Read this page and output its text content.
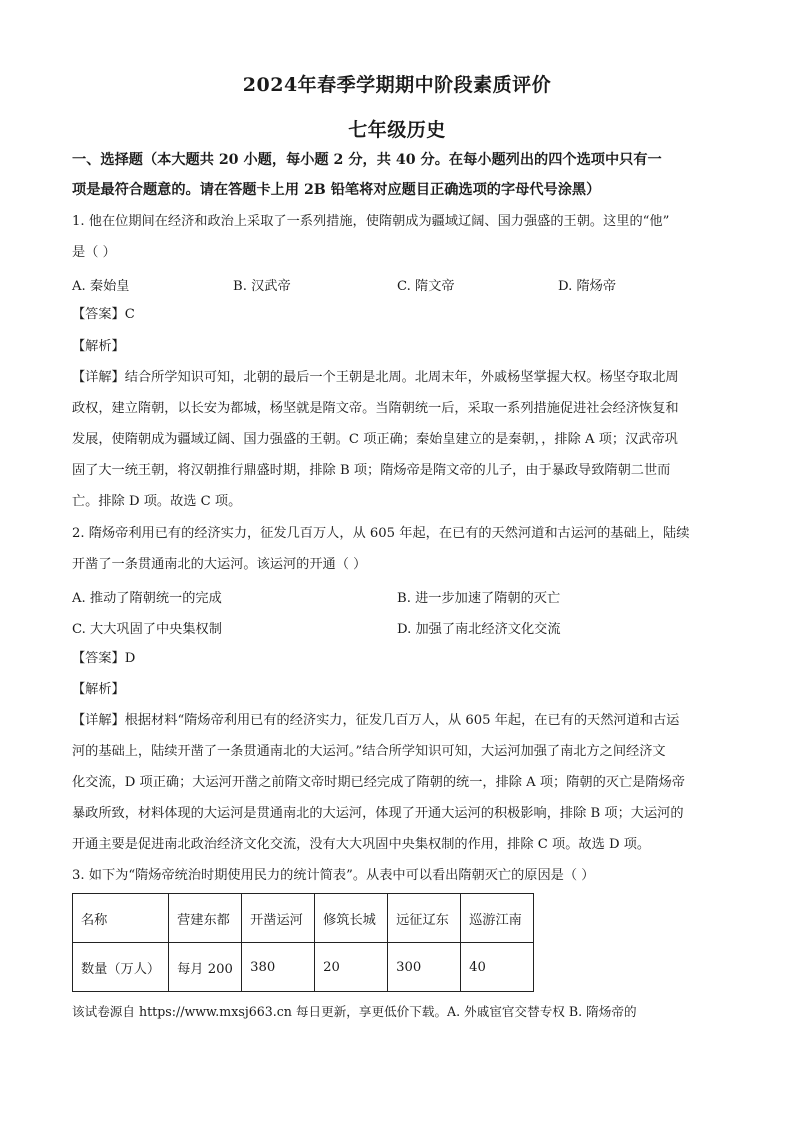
2024年春季学期期中阶段素质评价
七年级历史
一、选择题（本大题共 20 小题，每小题 2 分，共 40 分。在每小题列出的四个选项中只有一
项是最符合题意的。请在答题卡上用 2B 铅笔将对应题目正确选项的字母代号涂黑）
1. 他在位期间在经济和政治上采取了一系列措施，使隋朝成为疆域辽阔、国力强盛的王朝。这里的“他”
是（ ）
A. 秦始皇	B. 汉武帝	C. 隋文帝	D. 隋炀帝
【答案】C
【解析】
【详解】结合所学知识可知，北朝的最后一个王朝是北周。北周末年，外戚杨坚掌握大权。杨坚夺取北周
政权，建立隋朝，以长安为都城，杨坚就是隋文帝。当隋朝统一后，采取一系列措施促进社会经济恢复和
发展，使隋朝成为疆域辽阔、国力强盛的王朝。C 项正确；秦始皇建立的是秦朝，，排除 A 项；汉武帝巩
固了大一统王朝，将汉朝推行鼎盛时期，排除 B 项；隋炀帝是隋文帝的儿子，由于暴政导致隋朝二世而
亡。排除 D 项。故选 C 项。
2. 隋炀帝利用已有的经济实力，征发几百万人，从 605 年起，在已有的天然河道和古运河的基础上，陆续
开凿了一条贯通南北的大运河。该运河的开通（ ）
A. 推动了隋朝统一的完成	B. 进一步加速了隋朝的灭亡
C. 大大巩固了中央集权制	D. 加强了南北经济文化交流
【答案】D
【解析】
【详解】根据材料“隋炀帝利用已有的经济实力，征发几百万人，从 605 年起，在已有的天然河道和古运
河的基础上，陆续开凿了一条贯通南北的大运河。”结合所学知识可知，大运河加强了南北方之间经济文
化交流，D 项正确；大运河开凿之前隋文帝时期已经完成了隋朝的统一，排除 A 项；隋朝的灭亡是隋炀帝
暴政所致，材料体现的大运河是贯通南北的大运河，体现了开通大运河的积极影响，排除 B 项；大运河的
开通主要是促进南北政治经济文化交流，没有大大巩固中央集权制的作用，排除 C 项。故选 D 项。
3. 如下为“隋炀帝统治时期使用民力的统计简表”。从表中可以看出隋朝灭亡的原因是（ ）
名称	营建东都	开凿运河	修筑长城	远征辽东	巡游江南
数量（万人）	每月 200	380	20	300	40
该试卷源自 https://www.mxsj663.cn 每日更新，享更低价下载。A. 外戚宦官交替专权 B. 隋炀帝的
